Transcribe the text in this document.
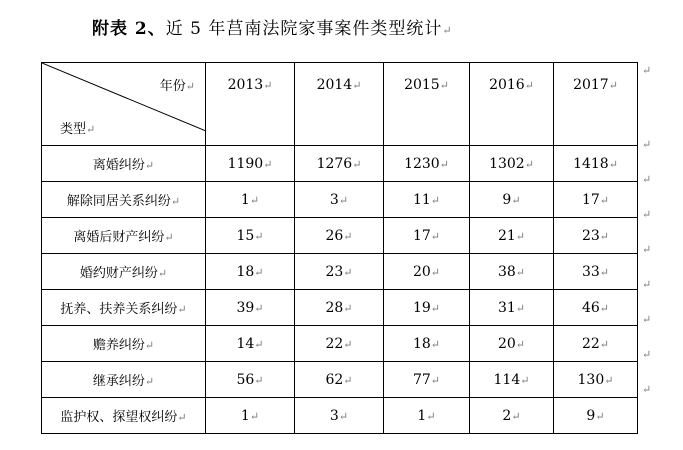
附表 2、近 5 年莒南法院家事案件类型统计↵
年份↵
类型↵	2013↵	2014↵	2015↵	2016↵	2017↵
离婚纠纷↵	1190↵	1276↵	1230↵	1302↵	1418↵
解除同居关系纠纷↵	1↵	3↵	11↵	9↵	17↵
离婚后财产纠纷↵	15↵	26↵	17↵	21↵	23↵
婚约财产纠纷↵	18↵	23↵	20↵	38↵	33↵
抚养、扶养关系纠纷↵	39↵	28↵	19↵	31↵	46↵
赡养纠纷↵	14↵	22↵	18↵	20↵	22↵
继承纠纷↵	56↵	62↵	77↵	114↵	130↵
监护权、探望权纠纷↵	1↵	3↵	1↵	2↵	9↵
↵
↵
↵
↵
↵
↵
↵
↵
↵
